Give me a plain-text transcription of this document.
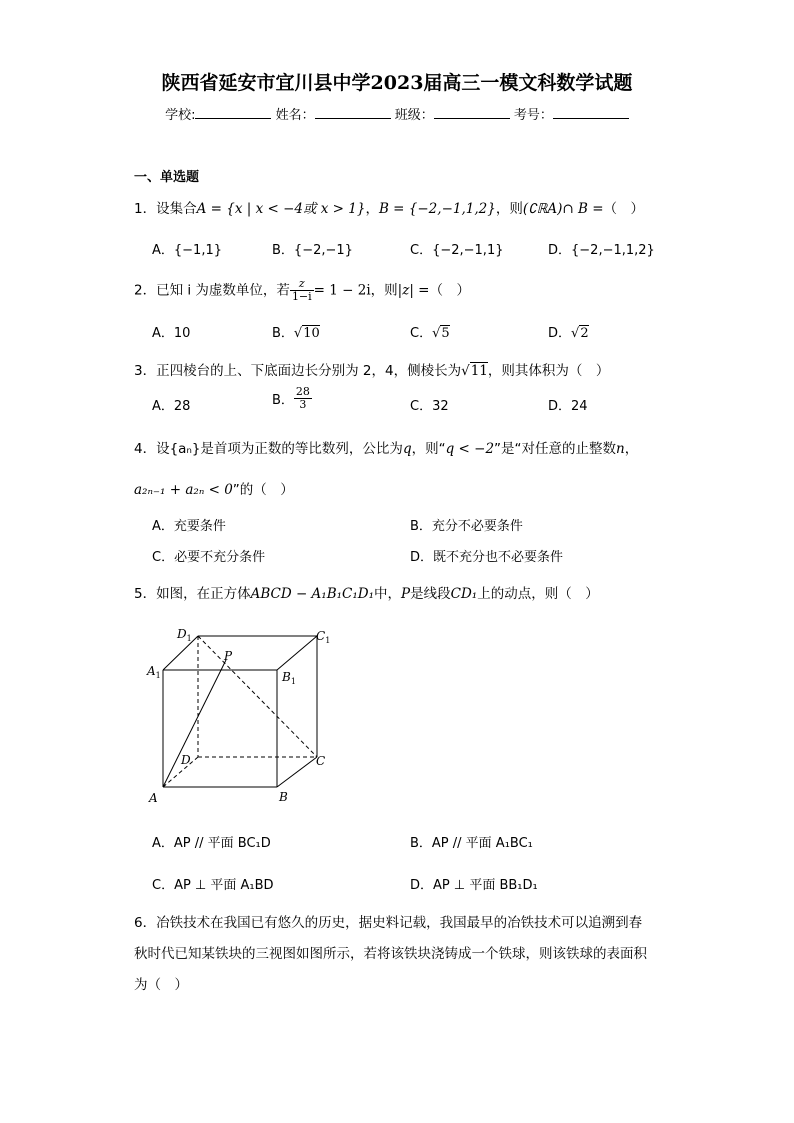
陕西省延安市宜川县中学2023届高三一模文科数学试题
学校:	姓名：	班级：	考号：
一、单选题
1．设集合A = {x | x < −4或 x > 1}，B = {−2,−1,1,2}，则(∁ℝA)∩ B =（　）
A．{−1,1}	B．{−2,−1}	C．{−2,−1,1}	D．{−2,−1,1,2}
2．已知 i 为虚数单位，若 $\frac{z}{1-i} = 1 - 2i$，则|z| =（　）
A．10	B．√10	C．√5	D．√2
3．正四棱台的上、下底面边长分别为 2，4，侧棱长为√11，则其体积为（　）
A．28	B． $\frac{28}{3}$	C．32	D．24
4．设{aₙ}是首项为正数的等比数列，公比为q，则“q < −2”是“对任意的止整数n，
a₂ₙ₋₁ + a₂ₙ < 0”的（　）
A．充要条件	B．充分不必要条件
C．必要不充分条件	D．既不充分也不必要条件
5．如图，在正方体ABCD − A₁B₁C₁D₁中，P是线段CD₁上的动点，则（　）
$D_1$	$C_1$
$A_1$	$B_1$
P
D	C
A	B
A．AP // 平面 BC₁D	B．AP // 平面 A₁BC₁
C．AP ⊥ 平面 A₁BD	D．AP ⊥ 平面 BB₁D₁
6．冶铁技术在我国已有悠久的历史，据史料记载，我国最早的冶铁技术可以追溯到春
秋时代已知某铁块的三视图如图所示，若将该铁块浇铸成一个铁球，则该铁球的表面积
为（　）
